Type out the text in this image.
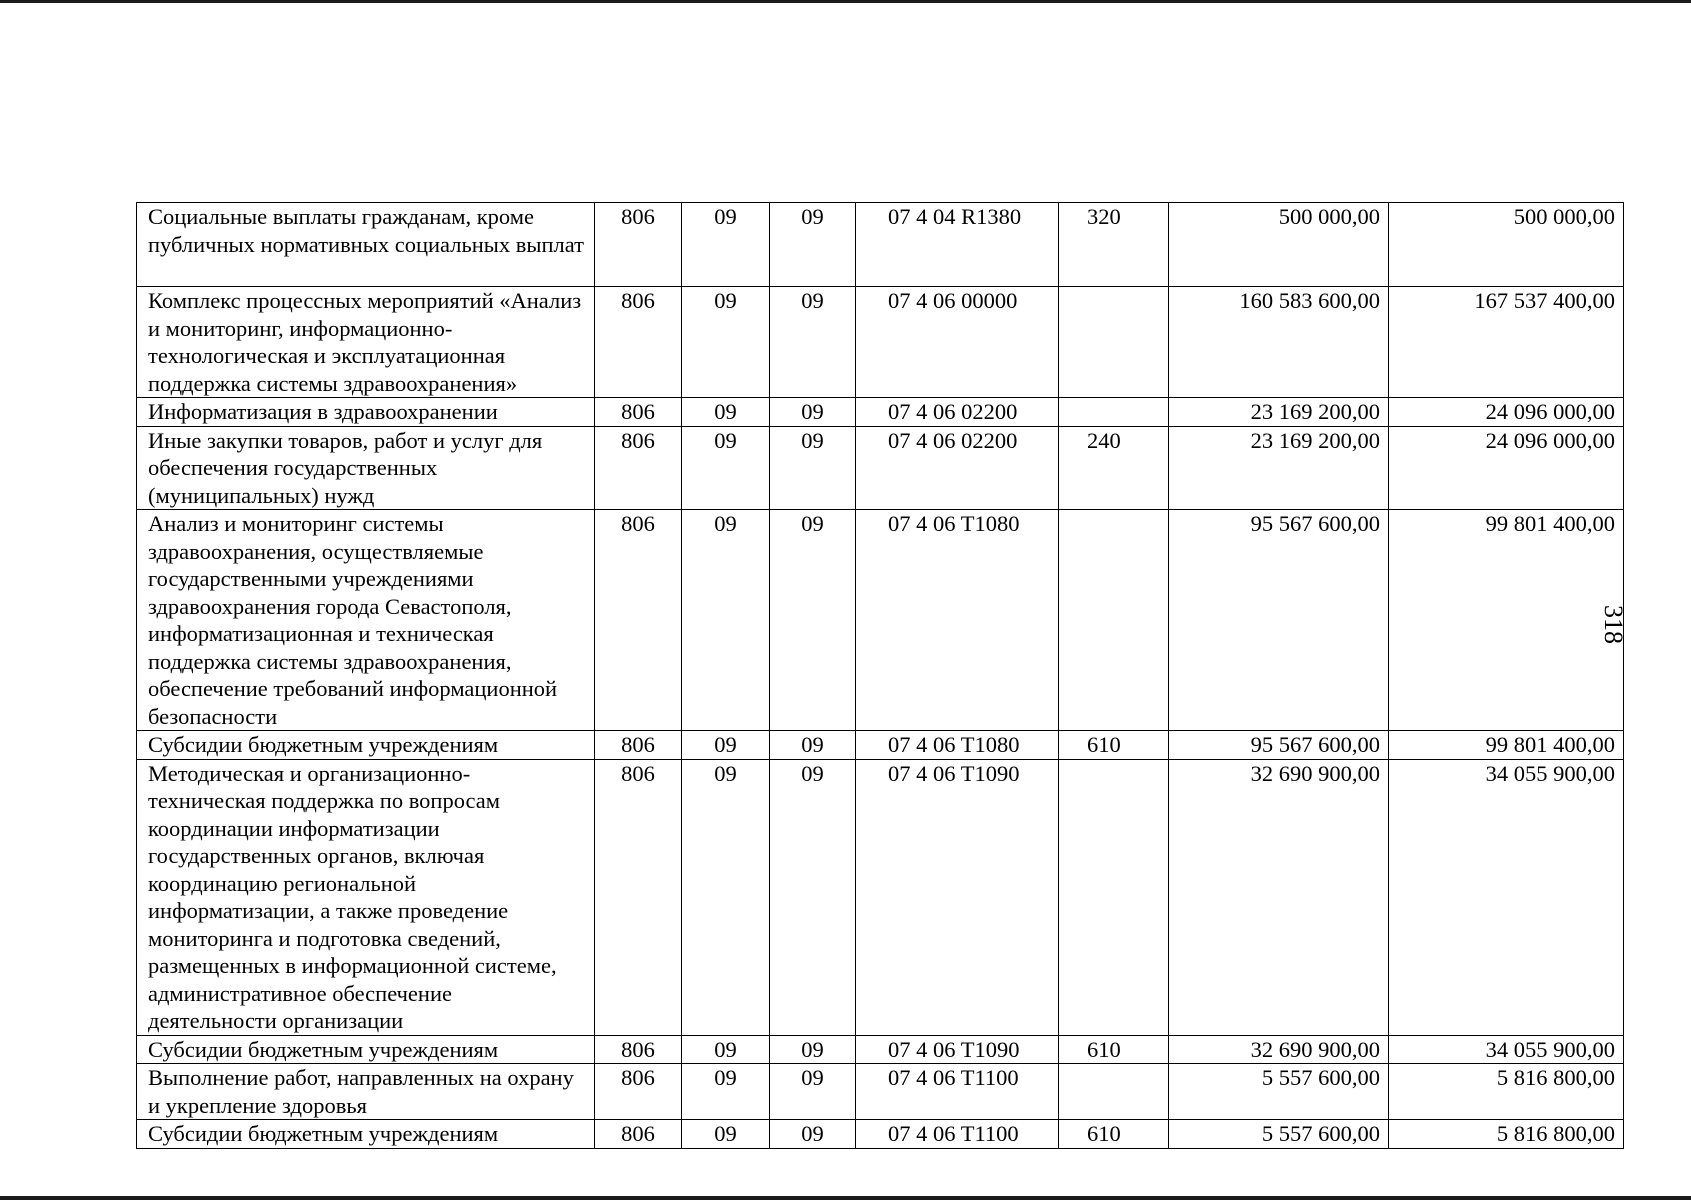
Социальные выплаты гражданам, кроме публичных нормативных социальных выплат	806	09	09	07 4 04 R1380	320	500 000,00	500 000,00
Комплекс процессных мероприятий «Анализ и мониторинг, информационно-технологическая и эксплуатационная поддержка системы здравоохранения»	806	09	09	07 4 06 00000		160 583 600,00	167 537 400,00
Информатизация в здравоохранении	806	09	09	07 4 06 02200		23 169 200,00	24 096 000,00
Иные закупки товаров, работ и услуг для обеспечения государственных (муниципальных) нужд	806	09	09	07 4 06 02200	240	23 169 200,00	24 096 000,00
Анализ и мониторинг системы здравоохранения, осуществляемые государственными учреждениями здравоохранения города Севастополя, информатизационная и техническая поддержка системы здравоохранения, обеспечение требований информационной безопасности	806	09	09	07 4 06 T1080		95 567 600,00	99 801 400,00
Субсидии бюджетным учреждениям	806	09	09	07 4 06 T1080	610	95 567 600,00	99 801 400,00
Методическая и организационно-техническая поддержка по вопросам координации информатизации государственных органов, включая координацию региональной информатизации, а также проведение мониторинга и подготовка сведений, размещенных в информационной системе, административное обеспечение деятельности организации	806	09	09	07 4 06 T1090		32 690 900,00	34 055 900,00
Субсидии бюджетным учреждениям	806	09	09	07 4 06 T1090	610	32 690 900,00	34 055 900,00
Выполнение работ, направленных на охрану и укрепление здоровья	806	09	09	07 4 06 T1100		5 557 600,00	5 816 800,00
Субсидии бюджетным учреждениям	806	09	09	07 4 06 T1100	610	5 557 600,00	5 816 800,00
318
